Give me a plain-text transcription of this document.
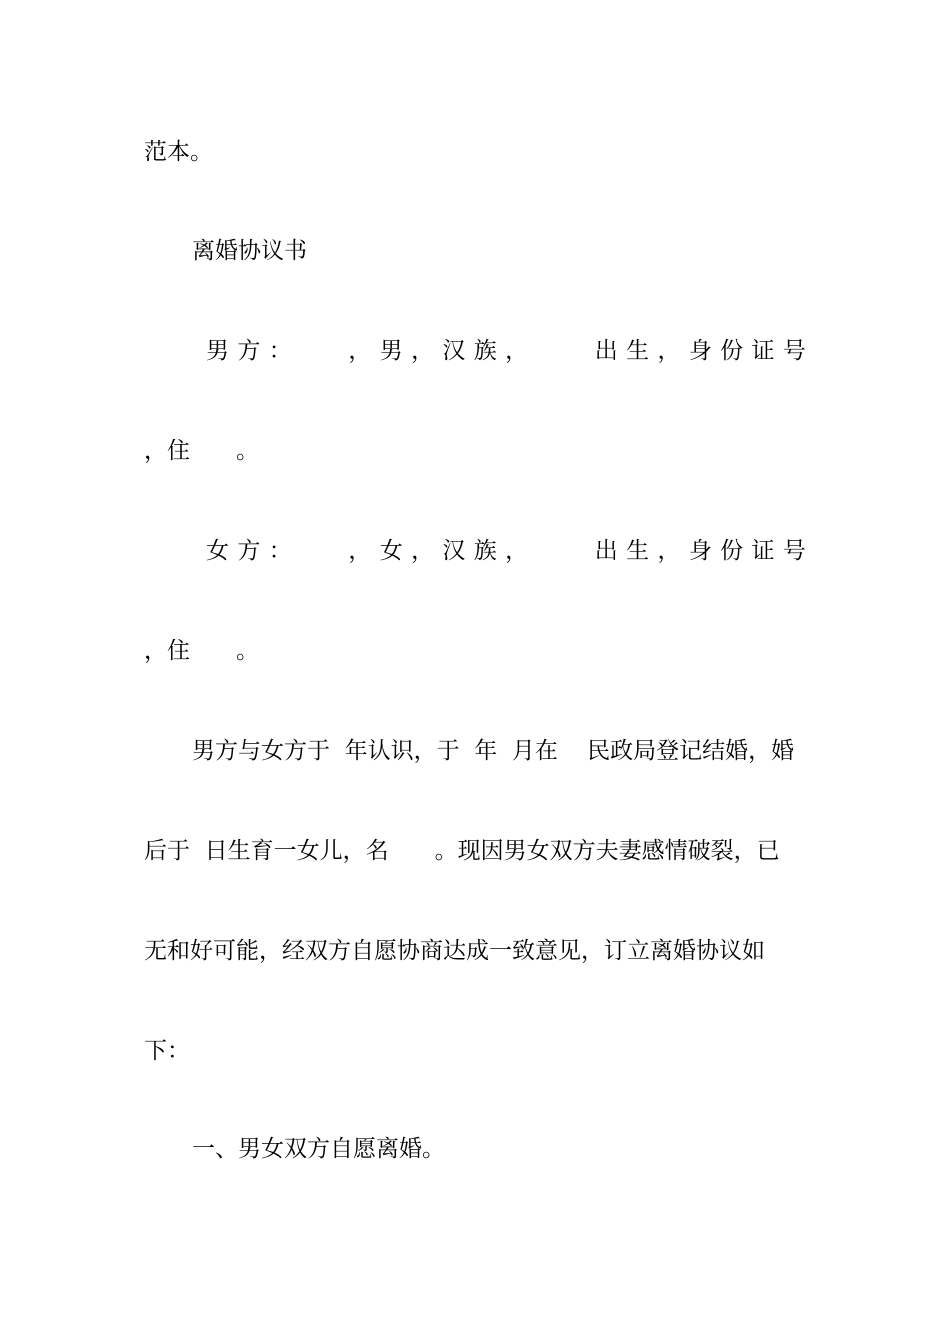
范本。
离婚协议书
男 方 ： ， 男 ， 汉 族 ，	出 生 ， 身 份 证 号
，住　　。
女 方 ： ， 女 ， 汉 族 ，	出 生 ， 身 份 证 号
，住　　。
男方与女方于  年认识，于  年  月在    民政局登记结婚，婚
后于  日生育一女儿，名　　。现因男女双方夫妻感情破裂，已
无和好可能，经双方自愿协商达成一致意见，订立离婚协议如
下：
一、男女双方自愿离婚。
